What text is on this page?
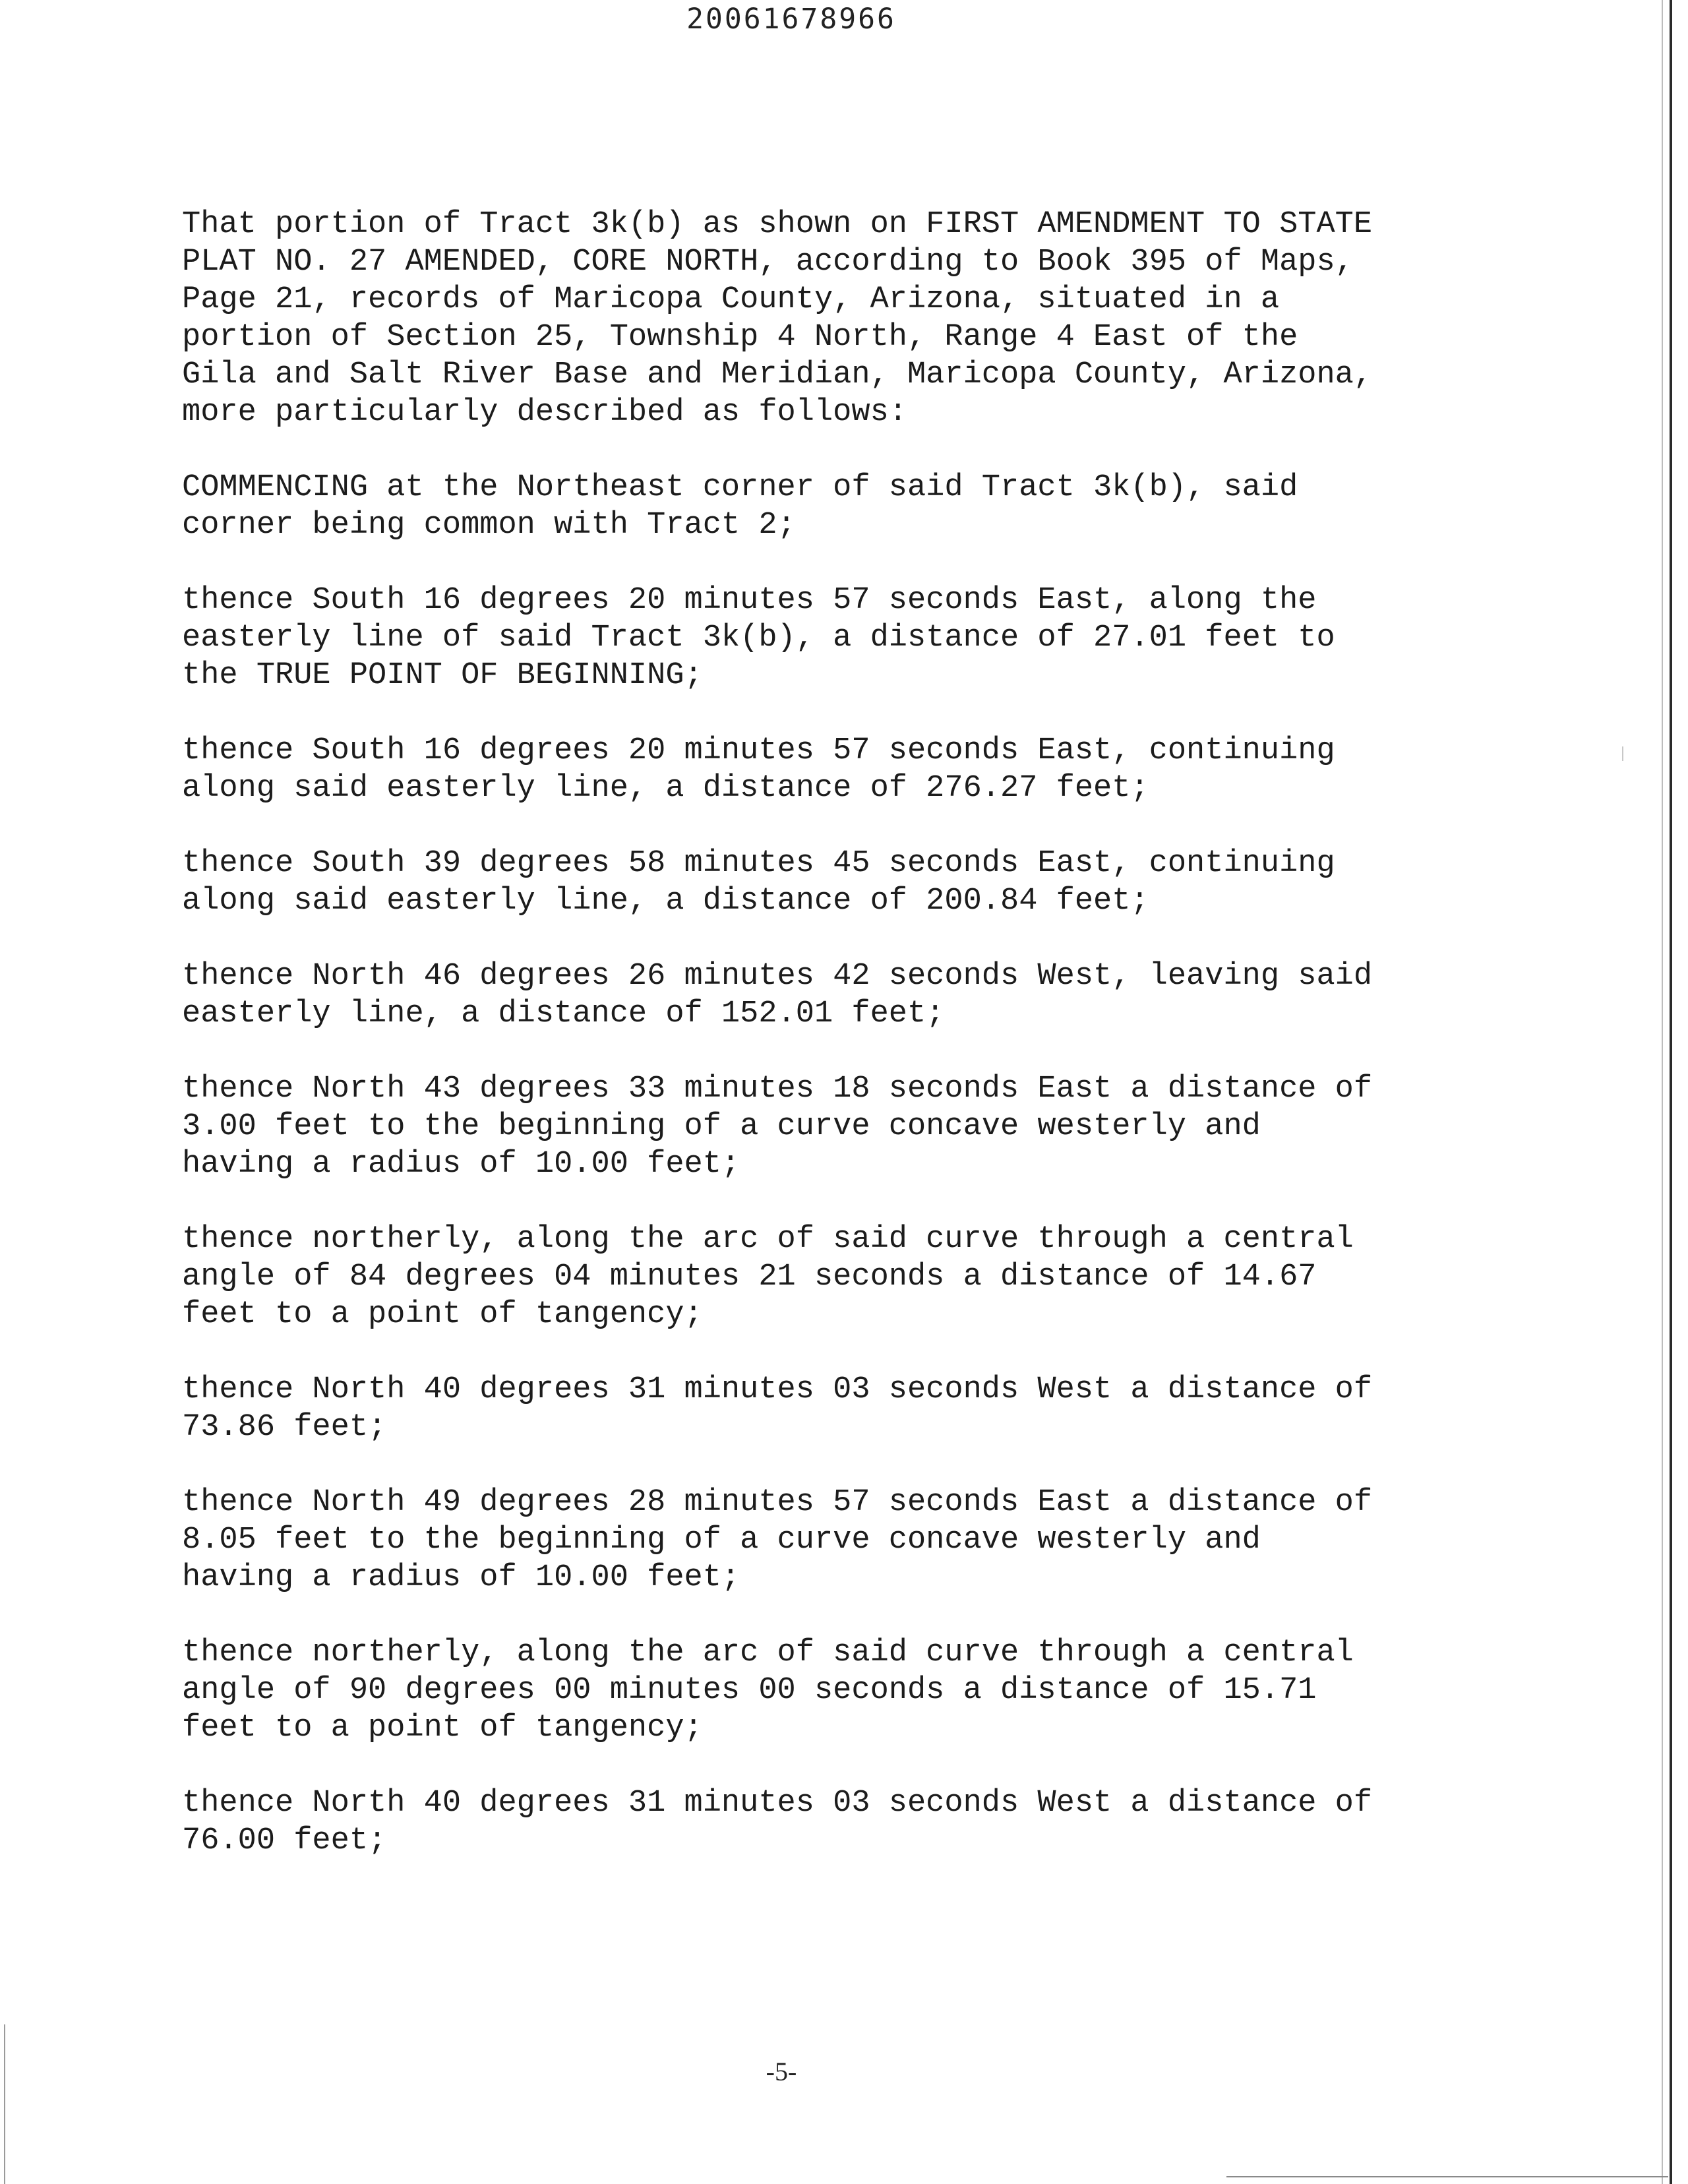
20061678966

That portion of Tract 3k(b) as shown on FIRST AMENDMENT TO STATE
PLAT NO. 27 AMENDED, CORE NORTH, according to Book 395 of Maps,
Page 21, records of Maricopa County, Arizona, situated in a
portion of Section 25, Township 4 North, Range 4 East of the
Gila and Salt River Base and Meridian, Maricopa County, Arizona,
more particularly described as follows:

COMMENCING at the Northeast corner of said Tract 3k(b), said
corner being common with Tract 2;

thence South 16 degrees 20 minutes 57 seconds East, along the
easterly line of said Tract 3k(b), a distance of 27.01 feet to
the TRUE POINT OF BEGINNING;

thence South 16 degrees 20 minutes 57 seconds East, continuing
along said easterly line, a distance of 276.27 feet;

thence South 39 degrees 58 minutes 45 seconds East, continuing
along said easterly line, a distance of 200.84 feet;

thence North 46 degrees 26 minutes 42 seconds West, leaving said
easterly line, a distance of 152.01 feet;

thence North 43 degrees 33 minutes 18 seconds East a distance of
3.00 feet to the beginning of a curve concave westerly and
having a radius of 10.00 feet;

thence northerly, along the arc of said curve through a central
angle of 84 degrees 04 minutes 21 seconds a distance of 14.67
feet to a point of tangency;

thence North 40 degrees 31 minutes 03 seconds West a distance of
73.86 feet;

thence North 49 degrees 28 minutes 57 seconds East a distance of
8.05 feet to the beginning of a curve concave westerly and
having a radius of 10.00 feet;

thence northerly, along the arc of said curve through a central
angle of 90 degrees 00 minutes 00 seconds a distance of 15.71
feet to a point of tangency;

thence North 40 degrees 31 minutes 03 seconds West a distance of
76.00 feet;

-5-
